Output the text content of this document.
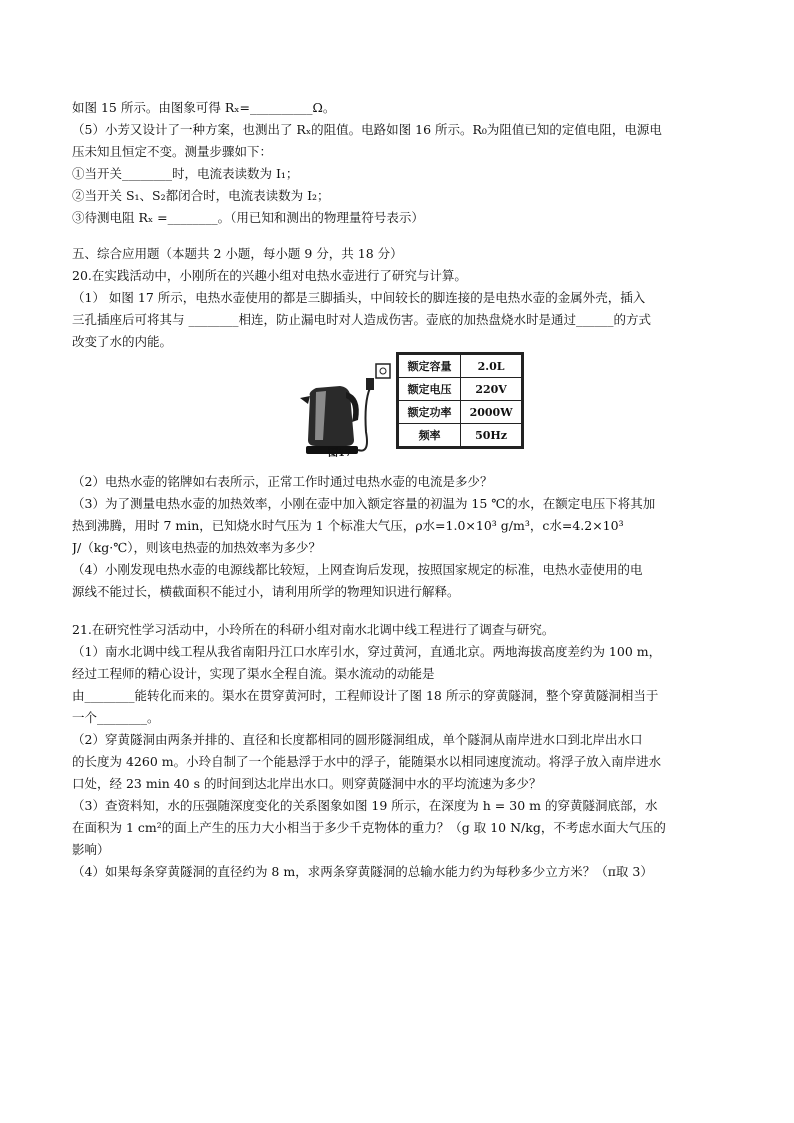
如图 15 所示。由图象可得 Rₓ=__________Ω。
（5）小芳又设计了一种方案，也测出了 Rₓ的阻值。电路如图 16 所示。R₀为阻值已知的定值电阻，电源电
压未知且恒定不变。测量步骤如下：
①当开关________时，电流表读数为 I₁；
②当开关 S₁、S₂都闭合时，电流表读数为 I₂；
③待测电阻 Rₓ =________。（用已知和测出的物理量符号表示）
五、综合应用题（本题共 2 小题，每小题 9 分，共 18 分）
20.在实践活动中，小刚所在的兴趣小组对电热水壶进行了研究与计算。
（1） 如图 17 所示，电热水壶使用的都是三脚插头，中间较长的脚连接的是电热水壶的金属外壳，插入
三孔插座后可将其与 ________相连，防止漏电时对人造成伤害。壶底的加热盘烧水时是通过______的方式
改变了水的内能。
（2）电热水壶的铭牌如右表所示，正常工作时通过电热水壶的电流是多少？
（3）为了测量电热水壶的加热效率，小刚在壶中加入额定容量的初温为 15 ℃的水，在额定电压下将其加
热到沸腾，用时 7 min，已知烧水时气压为 1 个标准大气压，ρ水=1.0×10³ g/m³，c水=4.2×10³
J/（kg·℃），则该电热壶的加热效率为多少？
（4）小刚发现电热水壶的电源线都比较短，上网查询后发现，按照国家规定的标准，电热水壶使用的电
源线不能过长，横截面积不能过小，请利用所学的物理知识进行解释。
21.在研究性学习活动中，小玲所在的科研小组对南水北调中线工程进行了调查与研究。
（1）南水北调中线工程从我省南阳丹江口水库引水，穿过黄河，直通北京。两地海拔高度差约为 100 m，
经过工程师的精心设计，实现了渠水全程自流。渠水流动的动能是
由________能转化而来的。渠水在贯穿黄河时，工程师设计了图 18 所示的穿黄隧洞，整个穿黄隧洞相当于
一个________。
（2）穿黄隧洞由两条并排的、直径和长度都相同的圆形隧洞组成，单个隧洞从南岸进水口到北岸出水口
的长度为 4260 m。小玲自制了一个能悬浮于水中的浮子，能随渠水以相同速度流动。将浮子放入南岸进水
口处，经 23 min 40 s 的时间到达北岸出水口。则穿黄隧洞中水的平均流速为多少？
（3）查资料知，水的压强随深度变化的关系图象如图 19 所示，在深度为 h = 30 m 的穿黄隧洞底部，水
在面积为 1 cm²的面上产生的压力大小相当于多少千克物体的重力？（g 取 10 N/kg，不考虑水面大气压的
影响）
（4）如果每条穿黄隧洞的直径约为 8 m，求两条穿黄隧洞的总输水能力约为每秒多少立方米？（π取 3）
图17
额定容量	2.0L
额定电压	220V
额定功率	2000W
频率	50Hz
